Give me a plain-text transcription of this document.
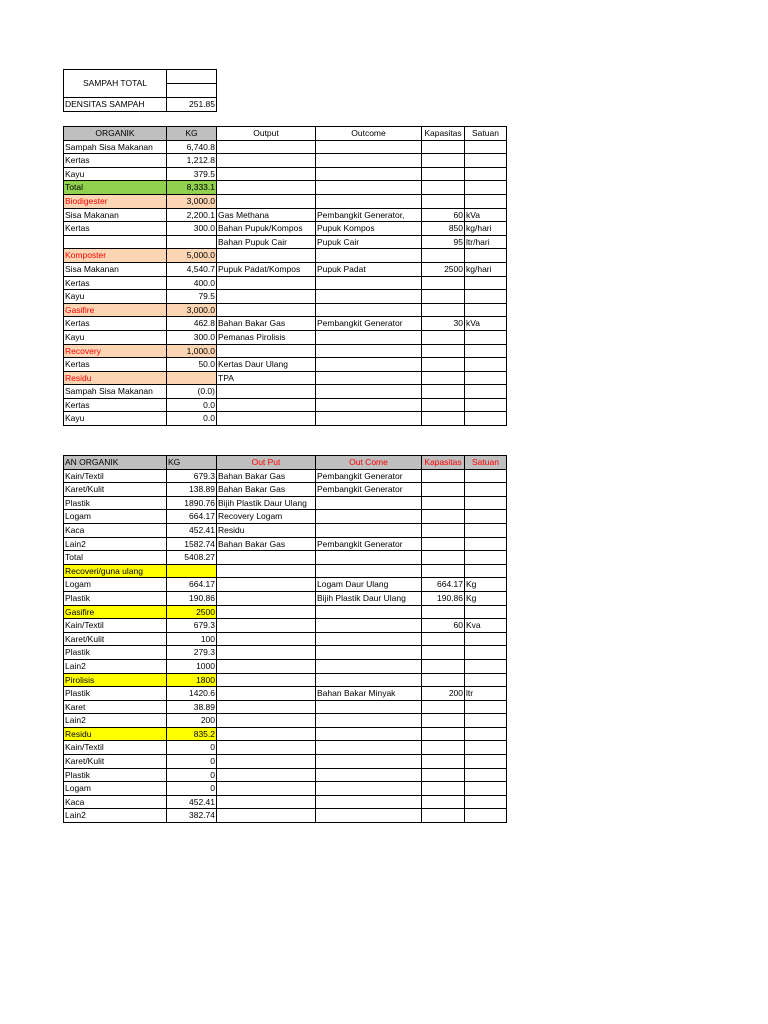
SAMPAH TOTAL	

DENSITAS SAMPAH	251.85
ORGANIK	KG	Output	Outcome	Kapasitas	Satuan
Sampah Sisa Makanan	6,740.8				
Kertas	1,212.8				
Kayu	379.5				
Total	8,333.1				
Biodigester	3,000.0				
Sisa Makanan	2,200.1	Gas Methana	Pembangkit Generator,	60	kVa
Kertas	300.0	Bahan Pupuk/Kompos	Pupuk Kompos	850	kg/hari
		Bahan Pupuk Cair	Pupuk Cair	95	ltr/hari
Komposter	5,000.0				
Sisa Makanan	4,540.7	Pupuk Padat/Kompos	Pupuk Padat	2500	kg/hari
Kertas	400.0				
Kayu	79.5				
Gasifire	3,000.0				
Kertas	462.8	Bahan Bakar Gas	Pembangkit Generator	30	kVa
Kayu	300.0	Pemanas Pirolisis			
Recovery	1,000.0				
Kertas	50.0	Kertas Daur Ulang			
Residu		TPA			
Sampah Sisa Makanan	(0.0)				
Kertas	0.0				
Kayu	0.0				
AN ORGANIK	KG	Out Put	Out Come	Kapasitas	Satuan
Kain/Textil	679.3	Bahan Bakar Gas	Pembangkit Generator		
Karet/Kulit	138.89	Bahan Bakar Gas	Pembangkit Generator		
Plastik	1890.76	Bijih Plastik Daur Ulang			
Logam	664.17	Recovery Logam			
Kaca	452.41	Residu			
Lain2	1582.74	Bahan Bakar Gas	Pembangkit Generator		
Total	5408.27				
Recoveri/guna ulang					
Logam	664.17		Logam Daur Ulang	664.17	Kg
Plastik	190.86		Bijih Plastik Daur Ulang	190.86	Kg
Gasifire	2500				
Kain/Textil	679.3			60	Kva
Karet/Kulit	100				
Plastik	279.3				
Lain2	1000				
Pirolisis	1800				
Plastik	1420.6		Bahan Bakar Minyak	200	ltr
Karet	38.89				
Lain2	200				
Residu	835.2				
Kain/Textil	0				
Karet/Kulit	0				
Plastik	0				
Logam	0				
Kaca	452.41				
Lain2	382.74				
